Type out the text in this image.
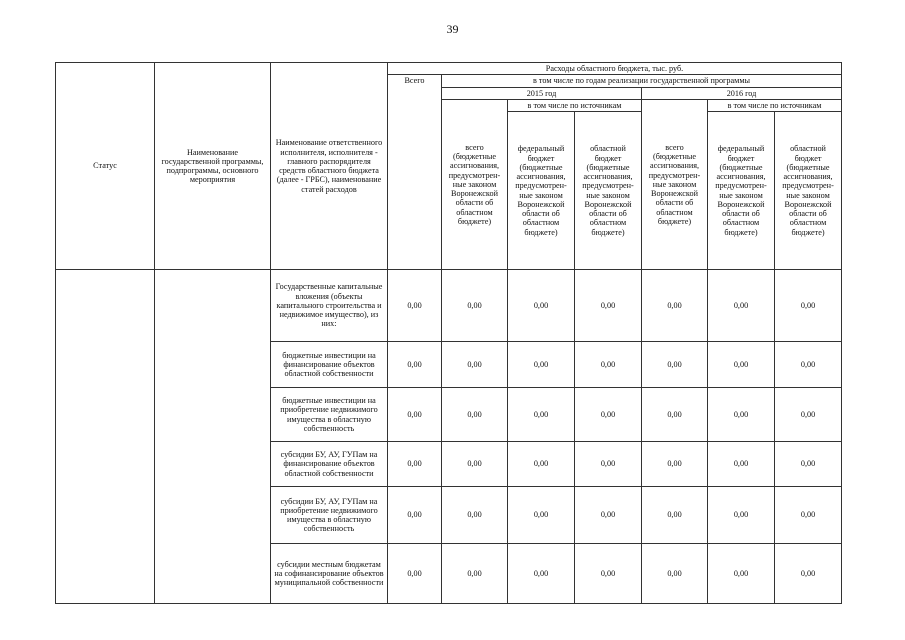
39
Статус	Наименование государственной программы, подпрограммы, основного мероприятия	Наименование ответственного исполнителя, исполнителя - главного распорядителя средств областного бюджета (далее - ГРБС), наименование статей расходов	Расходы областного бюджета, тыс. руб.						
			Всего	в том числе по годам реализации государственной программы					
				2015 год			2016 год		
				всего (бюджетные ассигнования, предусмотрен-ные законом Воронежской области об областном бюджете)	в том числе по источникам		всего (бюджетные ассигнования, предусмотрен-ные законом Воронежской области об областном бюджете)	в том числе по источникам	
					федеральный бюджет (бюджетные ассигнования, предусмотрен-ные законом Воронежской области об областном бюджете)	областной бюджет (бюджетные ассигнования, предусмотрен-ные законом Воронежской области об областном бюджете)		федеральный бюджет (бюджетные ассигнования, предусмотрен-ные законом Воронежской области об областном бюджете)	областной бюджет (бюджетные ассигнования, предусмотрен-ные законом Воронежской области об областном бюджете)
		Государственные капитальные вложения (объекты капитального строительства и недвижимое имущество), из них:	0,00	0,00	0,00	0,00	0,00	0,00	0,00
		бюджетные инвестиции на финансирование объектов областной собственности	0,00	0,00	0,00	0,00	0,00	0,00	0,00
		бюджетные инвестиции на приобретение недвижимого имущества в областную собственность	0,00	0,00	0,00	0,00	0,00	0,00	0,00
		субсидии БУ, АУ, ГУПам на финансирование объектов областной собственности	0,00	0,00	0,00	0,00	0,00	0,00	0,00
		субсидии БУ, АУ, ГУПам на приобретение недвижимого имущества в областную собственность	0,00	0,00	0,00	0,00	0,00	0,00	0,00
		субсидии местным бюджетам на софинансирование объектов муниципальной собственности	0,00	0,00	0,00	0,00	0,00	0,00	0,00
